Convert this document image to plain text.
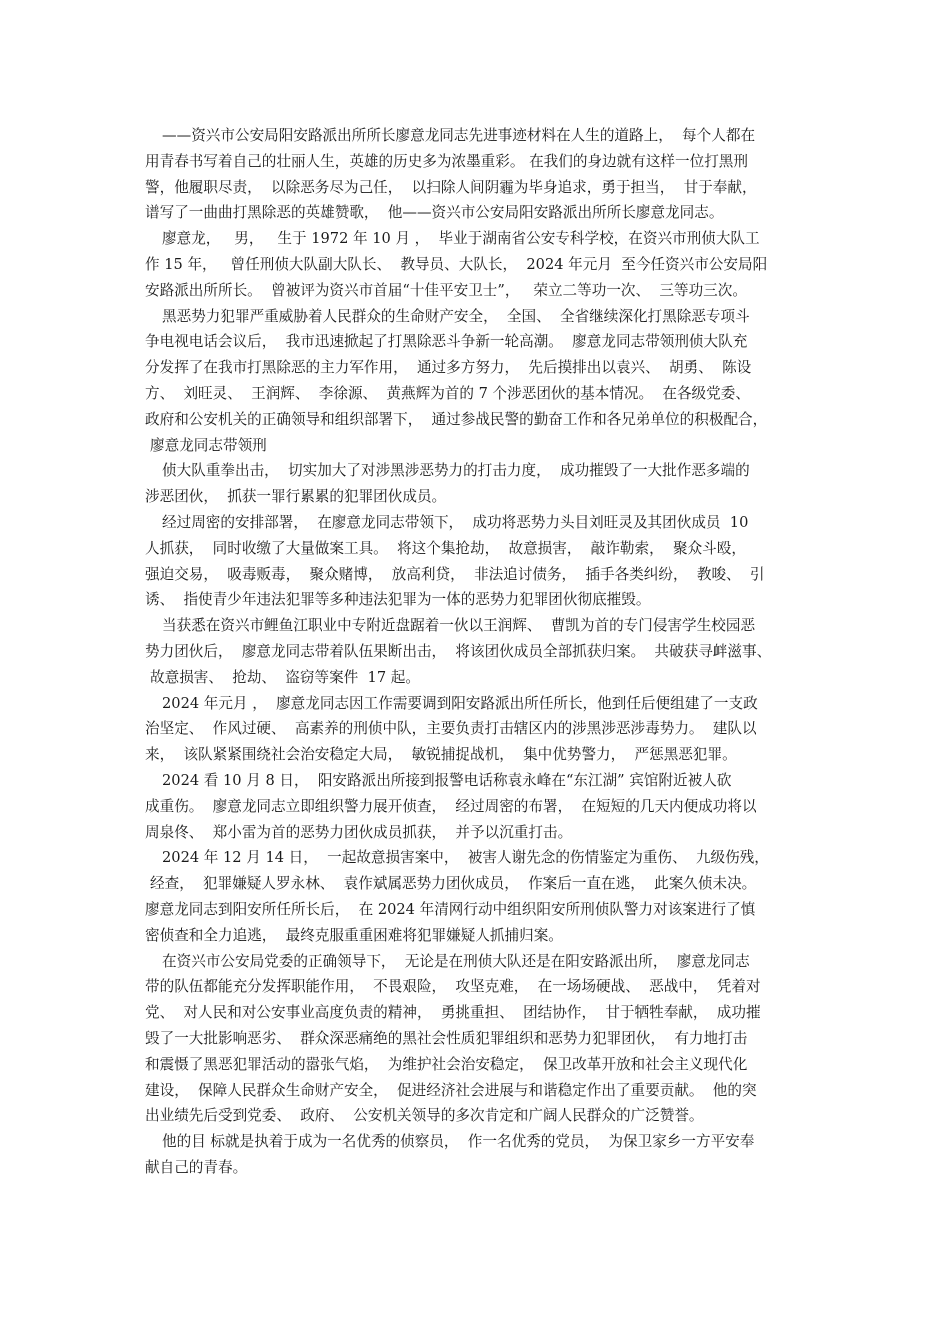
——资兴市公安局阳安路派出所所长廖意龙同志先进事迹材料在人生的道路上，  每个人都在
用青春书写着自己的壮丽人生，英雄的历史多为浓墨重彩。 在我们的身边就有这样一位打黑刑
警，他履职尽责，  以除恶务尽为己任，  以扫除人间阴霾为毕身追求，勇于担当，  甘于奉献，
谱写了一曲曲打黑除恶的英雄赞歌，  他——资兴市公安局阳安路派出所所长廖意龙同志。
廖意龙，   男，   生于 1972 年 10 月 ，  毕业于湖南省公安专科学校，在资兴市刑侦大队工
作 15 年，   曾任刑侦大队副大队长、  教导员、大队长，  2024 年元月  至今任资兴市公安局阳
安路派出所所长。  曾被评为资兴市首届“十佳平安卫士”，   荣立二等功一次、  三等功三次。
黑恶势力犯罪严重威胁着人民群众的生命财产安全，  全国、  全省继续深化打黑除恶专项斗
争电视电话会议后，  我市迅速掀起了打黑除恶斗争新一轮高潮。  廖意龙同志带领刑侦大队充
分发挥了在我市打黑除恶的主力军作用，  通过多方努力，  先后摸排出以袁兴、  胡勇、  陈设
方、  刘旺灵、  王润辉、  李徐源、  黄燕辉为首的 7 个涉恶团伙的基本情况。  在各级党委、
政府和公安机关的正确领导和组织部署下，  通过参战民警的勤奋工作和各兄弟单位的积极配合，
廖意龙同志带领刑
侦大队重拳出击，  切实加大了对涉黑涉恶势力的打击力度，  成功摧毁了一大批作恶多端的
涉恶团伙，  抓获一罪行累累的犯罪团伙成员。
经过周密的安排部署，  在廖意龙同志带领下，  成功将恶势力头目刘旺灵及其团伙成员  10
人抓获，  同时收缴了大量做案工具。  将这个集抢劫，  故意损害，  敲诈勒索，  聚众斗殴，
强迫交易，  吸毒贩毒，  聚众赌博，  放高利贷，  非法追讨债务，  插手各类纠纷，  教唆、  引
诱、  指使青少年违法犯罪等多种违法犯罪为一体的恶势力犯罪团伙彻底摧毁。
当获悉在资兴市鲤鱼江职业中专附近盘踞着一伙以王润辉、  曹凯为首的专门侵害学生校园恶
势力团伙后，  廖意龙同志带着队伍果断出击，  将该团伙成员全部抓获归案。  共破获寻衅滋事、
故意损害、  抢劫、  盗窃等案件  17 起。
2024 年元月 ，  廖意龙同志因工作需要调到阳安路派出所任所长，他到任后便组建了一支政
治坚定、  作风过硬、  高素养的刑侦中队，主要负责打击辖区内的涉黑涉恶涉毒势力。  建队以
来，  该队紧紧围绕社会治安稳定大局，  敏锐捕捉战机，  集中优势警力，  严惩黑恶犯罪。
2024 看 10 月 8 日，  阳安路派出所接到报警电话称袁永峰在“东江湖” 宾馆附近被人砍
成重伤。  廖意龙同志立即组织警力展开侦查，  经过周密的布署，  在短短的几天内便成功将以
周泉佟、  郑小雷为首的恶势力团伙成员抓获，  并予以沉重打击。
2024 年 12 月 14 日，  一起故意损害案中，  被害人谢先念的伤情鉴定为重伤、  九级伤残，
经查，  犯罪嫌疑人罗永林、  袁作斌属恶势力团伙成员，  作案后一直在逃，  此案久侦未决。
廖意龙同志到阳安所任所长后，  在 2024 年清网行动中组织阳安所刑侦队警力对该案进行了慎
密侦查和全力追逃，  最终克服重重困难将犯罪嫌疑人抓捕归案。
在资兴市公安局党委的正确领导下，  无论是在刑侦大队还是在阳安路派出所，  廖意龙同志
带的队伍都能充分发挥职能作用，  不畏艰险，  攻坚克难，  在一场场硬战、  恶战中，  凭着对
党、  对人民和对公安事业高度负责的精神，  勇挑重担、  团结协作，  甘于牺牲奉献，  成功摧
毁了一大批影响恶劣、  群众深恶痛绝的黑社会性质犯罪组织和恶势力犯罪团伙，  有力地打击
和震慑了黑恶犯罪活动的嚣张气焰，  为维护社会治安稳定，  保卫改革开放和社会主义现代化
建设，  保障人民群众生命财产安全，  促进经济社会进展与和谐稳定作出了重要贡献。  他的突
出业绩先后受到党委、  政府、  公安机关领导的多次肯定和广阔人民群众的广泛赞誉。
他的目 标就是执着于成为一名优秀的侦察员，  作一名优秀的党员，  为保卫家乡一方平安奉
献自己的青春。
